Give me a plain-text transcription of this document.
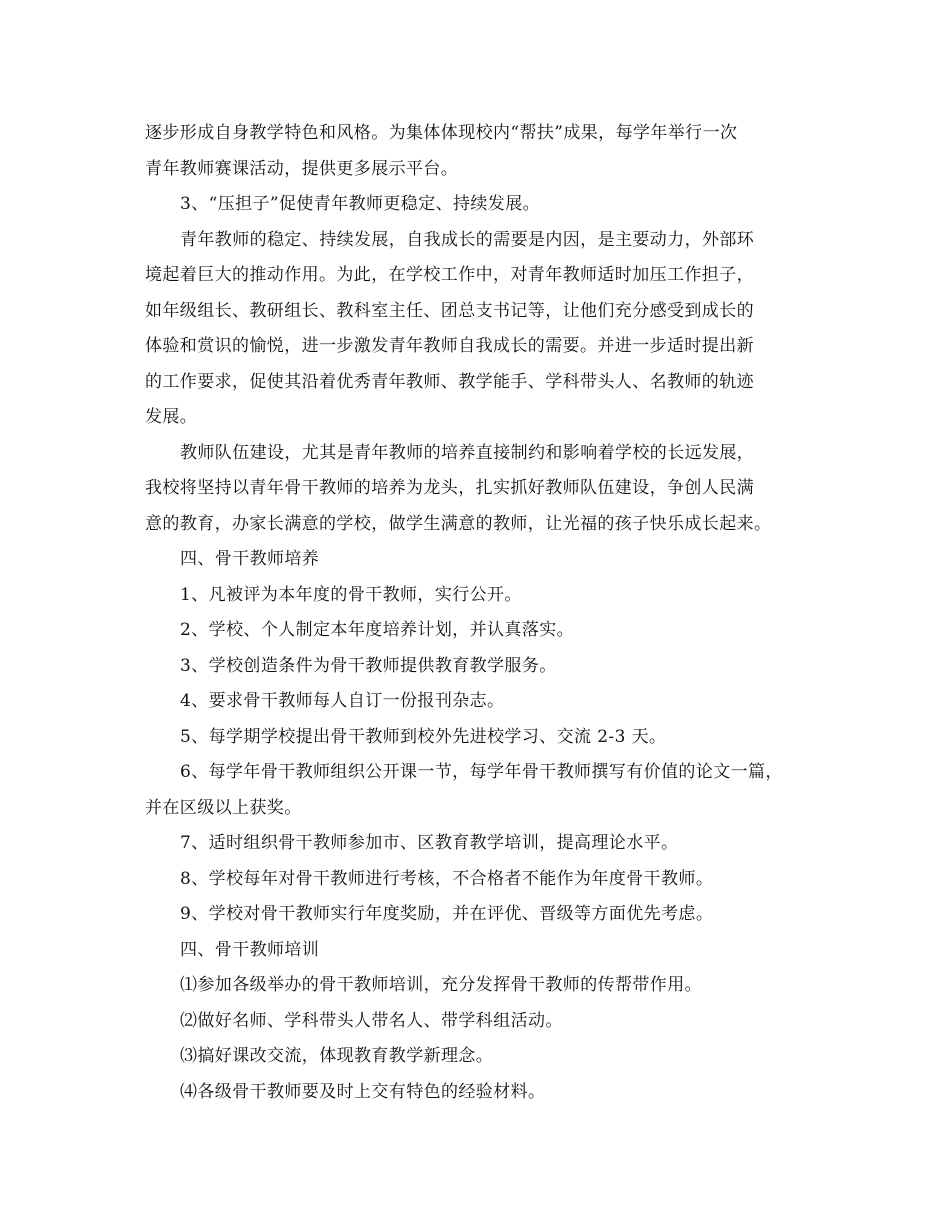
逐步形成自身教学特色和风格。为集体体现校内“帮扶”成果，每学年举行一次
青年教师赛课活动，提供更多展示平台。
3、“压担子”促使青年教师更稳定、持续发展。
青年教师的稳定、持续发展，自我成长的需要是内因，是主要动力，外部环
境起着巨大的推动作用。为此，在学校工作中，对青年教师适时加压工作担子，
如年级组长、教研组长、教科室主任、团总支书记等，让他们充分感受到成长的
体验和赏识的愉悦，进一步激发青年教师自我成长的需要。并进一步适时提出新
的工作要求，促使其沿着优秀青年教师、教学能手、学科带头人、名教师的轨迹
发展。
教师队伍建设，尤其是青年教师的培养直接制约和影响着学校的长远发展，
我校将坚持以青年骨干教师的培养为龙头，扎实抓好教师队伍建设，争创人民满
意的教育，办家长满意的学校，做学生满意的教师，让光福的孩子快乐成长起来。
四、骨干教师培养
1、凡被评为本年度的骨干教师，实行公开。
2、学校、个人制定本年度培养计划，并认真落实。
3、学校创造条件为骨干教师提供教育教学服务。
4、要求骨干教师每人自订一份报刊杂志。
5、每学期学校提出骨干教师到校外先进校学习、交流 2-3 天。
6、每学年骨干教师组织公开课一节，每学年骨干教师撰写有价值的论文一篇，
并在区级以上获奖。
7、适时组织骨干教师参加市、区教育教学培训，提高理论水平。
8、学校每年对骨干教师进行考核，不合格者不能作为年度骨干教师。
9、学校对骨干教师实行年度奖励，并在评优、晋级等方面优先考虑。
四、骨干教师培训
⑴参加各级举办的骨干教师培训，充分发挥骨干教师的传帮带作用。
⑵做好名师、学科带头人带名人、带学科组活动。
⑶搞好课改交流，体现教育教学新理念。
⑷各级骨干教师要及时上交有特色的经验材料。
